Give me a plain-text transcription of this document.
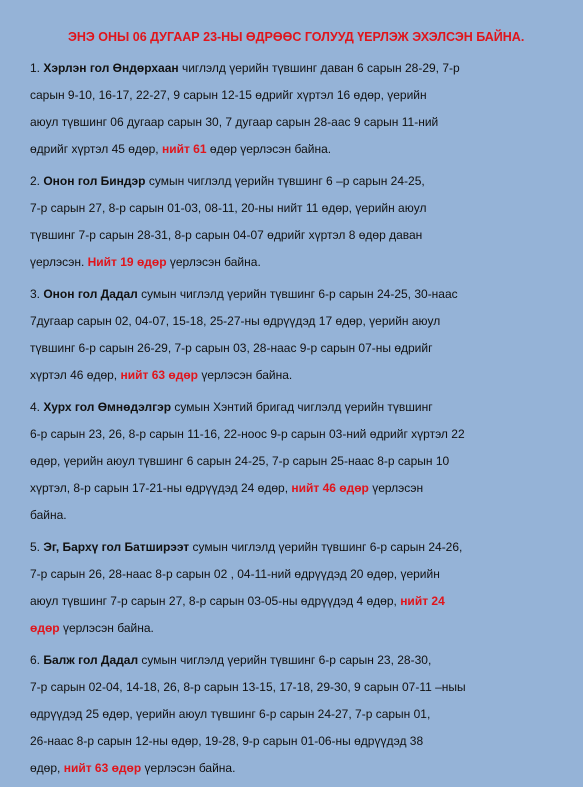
ЭНЭ ОНЫ 06 ДУГААР 23-НЫ ӨДРӨӨС ГОЛУУД ҮЕРЛЭЖ ЭХЭЛСЭН БАЙНА.
1. Хэрлэн гол Өндөрхаан чиглэлд үерийн түвшинг даван 6 сарын 28-29, 7-р
сарын 9-10, 16-17, 22-27, 9 сарын 12-15 өдрийг хүртэл 16 өдөр, үерийн
аюул түвшинг 06 дугаар сарын 30, 7 дугаар сарын 28-аас 9 сарын 11-ний
өдрийг хүртэл 45 өдөр, нийт 61 өдөр үерлэсэн байна.
2. Онон гол Биндэр сумын чиглэлд үерийн түвшинг 6 –р сарын 24-25,
7-р сарын 27, 8-р сарын 01-03, 08-11, 20-ны нийт 11 өдөр, үерийн аюул
түвшинг 7-р сарын 28-31, 8-р сарын 04-07 өдрийг хүртэл 8 өдөр даван
үерлэсэн. Нийт 19 өдөр үерлэсэн байна.
3. Онон гол Дадал сумын чиглэлд үерийн түвшинг 6-р сарын 24-25, 30-наас
7дугаар сарын 02, 04-07, 15-18, 25-27-ны өдрүүдэд 17 өдөр, үерийн аюул
түвшинг 6-р сарын 26-29, 7-р сарын 03, 28-наас 9-р сарын 07-ны өдрийг
хүртэл 46 өдөр, нийт 63 өдөр үерлэсэн байна.
4. Хурх гол Өмнөдэлгэр сумын Хэнтий бригад чиглэлд үерийн түвшинг
6-р сарын 23, 26, 8-р сарын 11-16, 22-ноос 9-р сарын 03-ний өдрийг хүртэл 22
өдөр, үерийн аюул түвшинг 6 сарын 24-25, 7-р сарын 25-наас 8-р сарын 10
хүртэл, 8-р сарын 17-21-ны өдрүүдэд 24 өдөр, нийт 46 өдөр үерлэсэн
байна.
5. Эг, Бархү гол Батширээт сумын чиглэлд үерийн түвшинг 6-р сарын 24-26,
7-р сарын 26, 28-наас 8-р сарын 02 , 04-11-ний өдрүүдэд 20 өдөр, үерийн
аюул түвшинг 7-р сарын 27, 8-р сарын 03-05-ны өдрүүдэд 4 өдөр, нийт 24
өдөр үерлэсэн байна.
6. Балж гол Дадал сумын чиглэлд үерийн түвшинг 6-р сарын 23, 28-30,
7-р сарын 02-04, 14-18, 26, 8-р сарын 13-15, 17-18, 29-30, 9 сарын 07-11 –ныы
өдрүүдэд 25 өдөр, үерийн аюул түвшинг 6-р сарын 24-27, 7-р сарын 01,
26-наас 8-р сарын 12-ны өдөр, 19-28, 9-р сарын 01-06-ны өдрүүдэд 38
өдөр, нийт 63 өдөр үерлэсэн байна.
